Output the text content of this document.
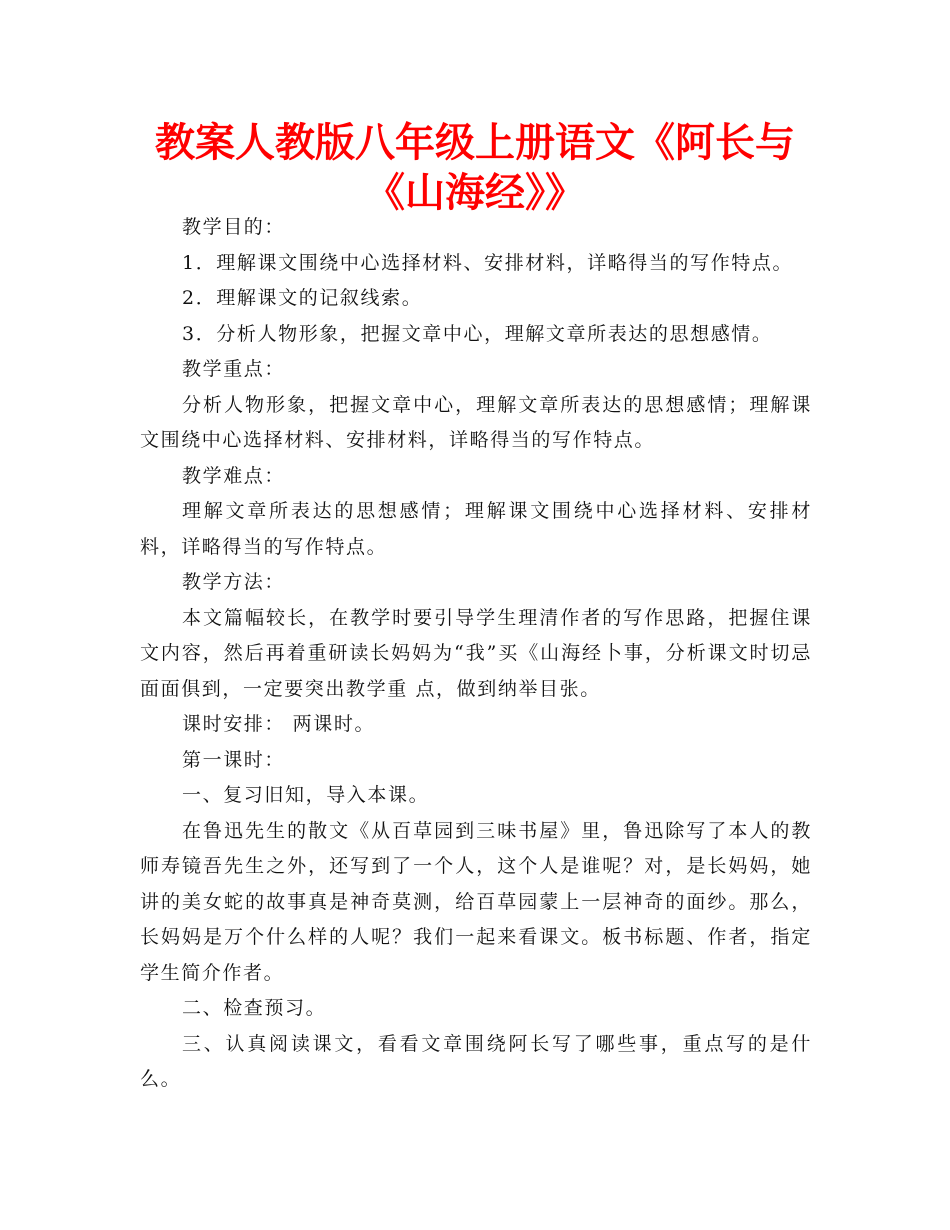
教案人教版八年级上册语文《阿长与《山海经》》

教学目的：

1．理解课文围绕中心选择材料、安排材料，详略得当的写作特点。

2．理解课文的记叙线索。

3．分析人物形象，把握文章中心，理解文章所表达的思想感情。

教学重点：

分析人物形象，把握文章中心，理解文章所表达的思想感情；理解课文围绕中心选择材料、安排材料，详略得当的写作特点。

教学难点：

理解文章所表达的思想感情；理解课文围绕中心选择材料、安排材料，详略得当的写作特点。

教学方法：

本文篇幅较长，在教学时要引导学生理清作者的写作思路，把握住课文内容，然后再着重研读长妈妈为“我”买《山海经卜事，分析课文时切忌面面俱到，一定要突出教学重 点，做到纳举目张。

课时安排： 两课时。

第一课时：

一、复习旧知，导入本课。

在鲁迅先生的散文《从百草园到三味书屋》里，鲁迅除写了本人的教师寿镜吾先生之外，还写到了一个人，这个人是谁呢？对，是长妈妈，她讲的美女蛇的故事真是神奇莫测，给百草园蒙上一层神奇的面纱。那么，长妈妈是万个什么样的人呢？我们一起来看课文。板书标题、作者，指定学生简介作者。

二、检查预习。

三、认真阅读课文，看看文章围绕阿长写了哪些事，重点写的是什么。
